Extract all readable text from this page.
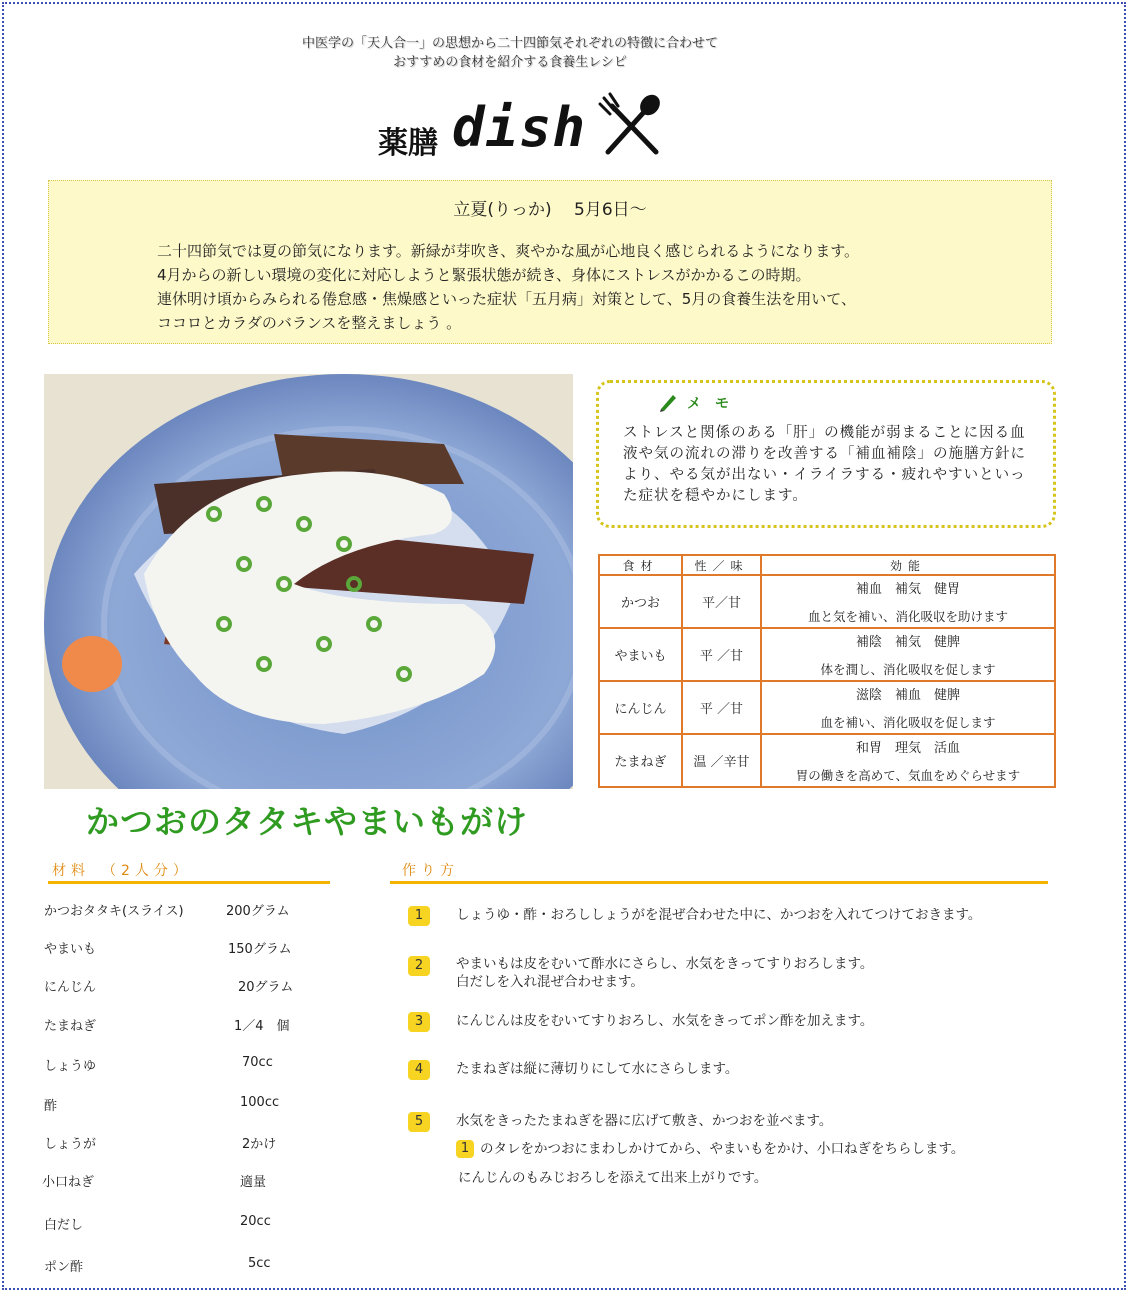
中医学の「天人合一」の思想から二十四節気それぞれの特徴に合わせて
おすすめの食材を紹介する食養生レシピ
薬膳 dish
立夏(りっか)　 5月6日～
二十四節気では夏の節気になります。新緑が芽吹き、爽やかな風が心地良く感じられるようになります。
4月からの新しい環境の変化に対応しようと緊張状態が続き、身体にストレスがかかるこの時期。
連休明け頃からみられる倦怠感・焦燥感といった症状「五月病」対策として、5月の食養生法を用いて、
ココロとカラダのバランスを整えましょう 。
メモ
ストレスと関係のある「肝」の機能が弱まることに因る血液や気の流れの滞りを改善する「補血補陰」の施膳方針により、やる気が出ない・イライラする・疲れやすいといった症状を穏やかにします。
食材	性／味	効能
かつお	平／甘	補血　補気　健胃
血と気を補い、消化吸収を助けます

やまいも	平 ／甘	補陰　補気　健脾
体を潤し、消化吸収を促します

にんじん	平 ／甘	滋陰　補血　健脾
血を補い、消化吸収を促します

たまねぎ	温 ／辛甘	和胃　理気　活血
胃の働きを高めて、気血をめぐらせます
かつおのタタキやまいもがけ
材料　（2人分）
かつおタタキ(スライス)	200グラム
やまいも	150グラム
にんじん	20グラム
たまねぎ	1／4　個
しょうゆ	70cc
酢	100cc
しょうが	2かけ
小口ねぎ	適量
白だし	20cc
ポン酢	5cc
作り方
1	しょうゆ・酢・おろししょうがを混ぜ合わせた中に、かつおを入れてつけておきます。
2	やまいもは皮をむいて酢水にさらし、水気をきってすりおろします。
白だしを入れ混ぜ合わせます。
3	にんじんは皮をむいてすりおろし、水気をきってポン酢を加えます。
4	たまねぎは縦に薄切りにして水にさらします。
5	水気をきったたまねぎを器に広げて敷き、かつおを並べます。
1 のタレをかつおにまわしかけてから、やまいもをかけ、小口ねぎをちらします。
にんじんのもみじおろしを添えて出来上がりです。
